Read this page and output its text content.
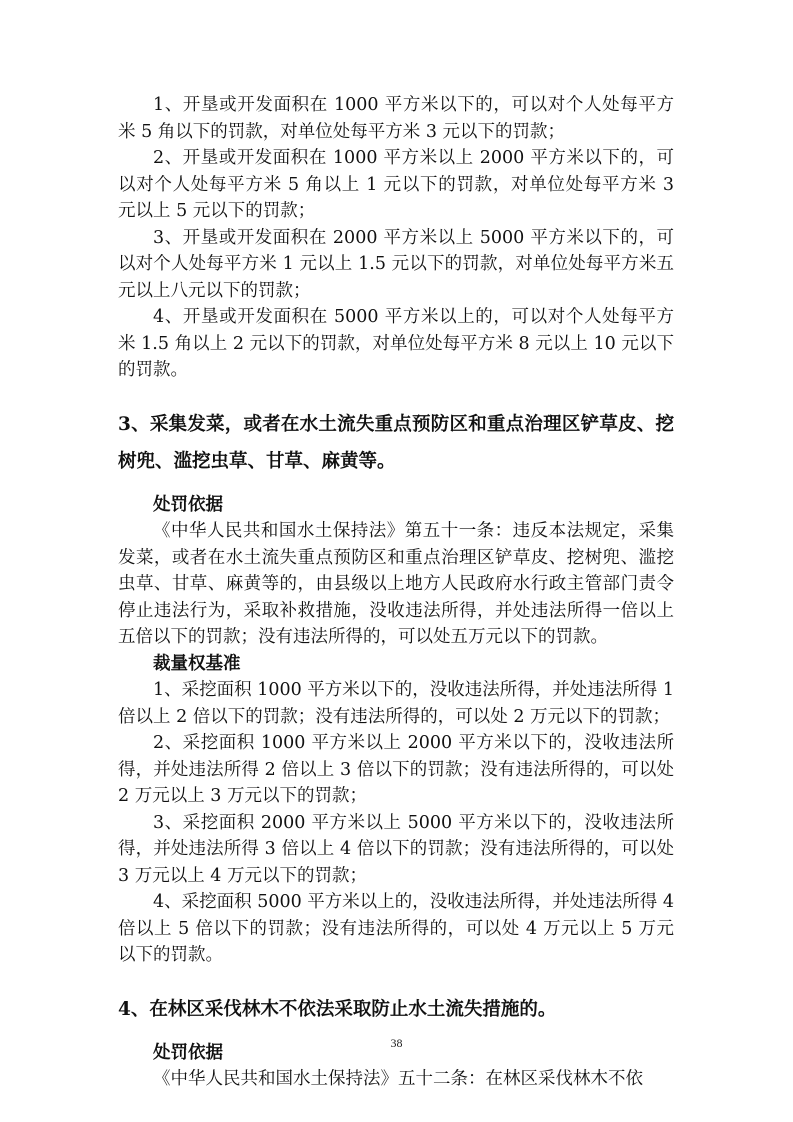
1、开垦或开发面积在 1000 平方米以下的，可以对个人处每平方米 5 角以下的罚款，对单位处每平方米 3 元以下的罚款；

2、开垦或开发面积在 1000 平方米以上 2000 平方米以下的，可以对个人处每平方米 5 角以上 1 元以下的罚款，对单位处每平方米 3 元以上 5 元以下的罚款；

3、开垦或开发面积在 2000 平方米以上 5000 平方米以下的，可以对个人处每平方米 1 元以上 1.5 元以下的罚款，对单位处每平方米五元以上八元以下的罚款；

4、开垦或开发面积在 5000 平方米以上的，可以对个人处每平方米 1.5 角以上 2 元以下的罚款，对单位处每平方米 8 元以上 10 元以下的罚款。

3、采集发菜，或者在水土流失重点预防区和重点治理区铲草皮、挖树兜、滥挖虫草、甘草、麻黄等。

处罚依据

《中华人民共和国水土保持法》第五十一条：违反本法规定，采集发菜，或者在水土流失重点预防区和重点治理区铲草皮、挖树兜、滥挖虫草、甘草、麻黄等的，由县级以上地方人民政府水行政主管部门责令停止违法行为，采取补救措施，没收违法所得，并处违法所得一倍以上五倍以下的罚款；没有违法所得的，可以处五万元以下的罚款。

裁量权基准

1、采挖面积 1000 平方米以下的，没收违法所得，并处违法所得 1 倍以上 2 倍以下的罚款；没有违法所得的，可以处 2 万元以下的罚款；

2、采挖面积 1000 平方米以上 2000 平方米以下的，没收违法所得，并处违法所得 2 倍以上 3 倍以下的罚款；没有违法所得的，可以处 2 万元以上 3 万元以下的罚款；

3、采挖面积 2000 平方米以上 5000 平方米以下的，没收违法所得，并处违法所得 3 倍以上 4 倍以下的罚款；没有违法所得的，可以处 3 万元以上 4 万元以下的罚款；

4、采挖面积 5000 平方米以上的，没收违法所得，并处违法所得 4 倍以上 5 倍以下的罚款；没有违法所得的，可以处 4 万元以上 5 万元以下的罚款。

4、在林区采伐林木不依法采取防止水土流失措施的。

处罚依据

《中华人民共和国水土保持法》五十二条：在林区采伐林木不依

38
